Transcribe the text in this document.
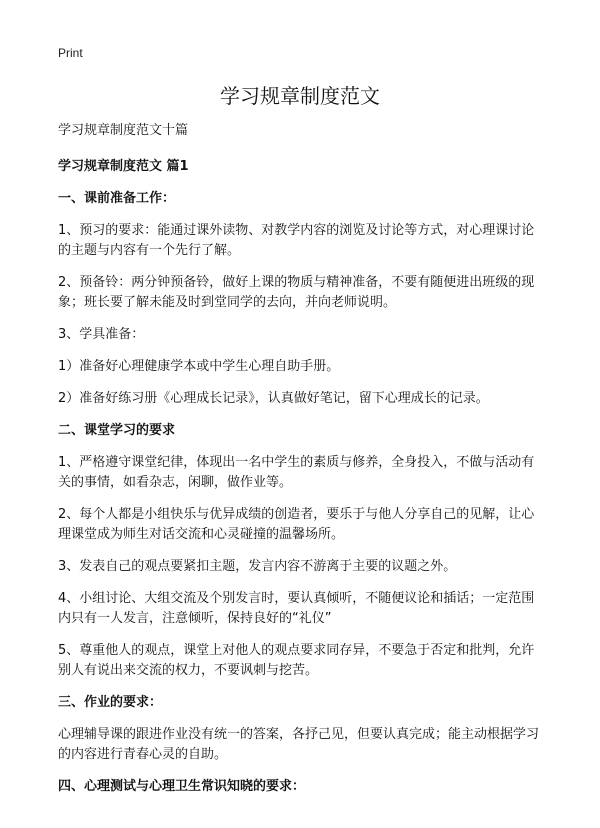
Print
学习规章制度范文

学习规章制度范文十篇

学习规章制度范文 篇1

一、课前准备工作：

1、预习的要求：能通过课外读物、对教学内容的浏览及讨论等方式，对心理课讨论的主题与内容有一个先行了解。

2、预备铃：两分钟预备铃，做好上课的物质与精神准备，不要有随便进出班级的现象；班长要了解未能及时到堂同学的去向，并向老师说明。

3、学具准备：

1）准备好心理健康学本或中学生心理自助手册。

2）准备好练习册《心理成长记录》，认真做好笔记，留下心理成长的记录。

二、课堂学习的要求

1、严格遵守课堂纪律，体现出一名中学生的素质与修养，全身投入，不做与活动有关的事情，如看杂志，闲聊，做作业等。

2、每个人都是小组快乐与优异成绩的创造者，要乐于与他人分享自己的见解，让心理课堂成为师生对话交流和心灵碰撞的温馨场所。

3、发表自己的观点要紧扣主题，发言内容不游离于主要的议题之外。

4、小组讨论、大组交流及个别发言时，要认真倾听，不随便议论和插话；一定范围内只有一人发言，注意倾听，保持良好的“礼仪”

5、尊重他人的观点，课堂上对他人的观点要求同存异，不要急于否定和批判，允许别人有说出来交流的权力，不要讽刺与挖苦。

三、作业的要求：

心理辅导课的跟进作业没有统一的答案，各抒己见，但要认真完成；能主动根据学习的内容进行青春心灵的自助。

四、心理测试与心理卫生常识知晓的要求：
